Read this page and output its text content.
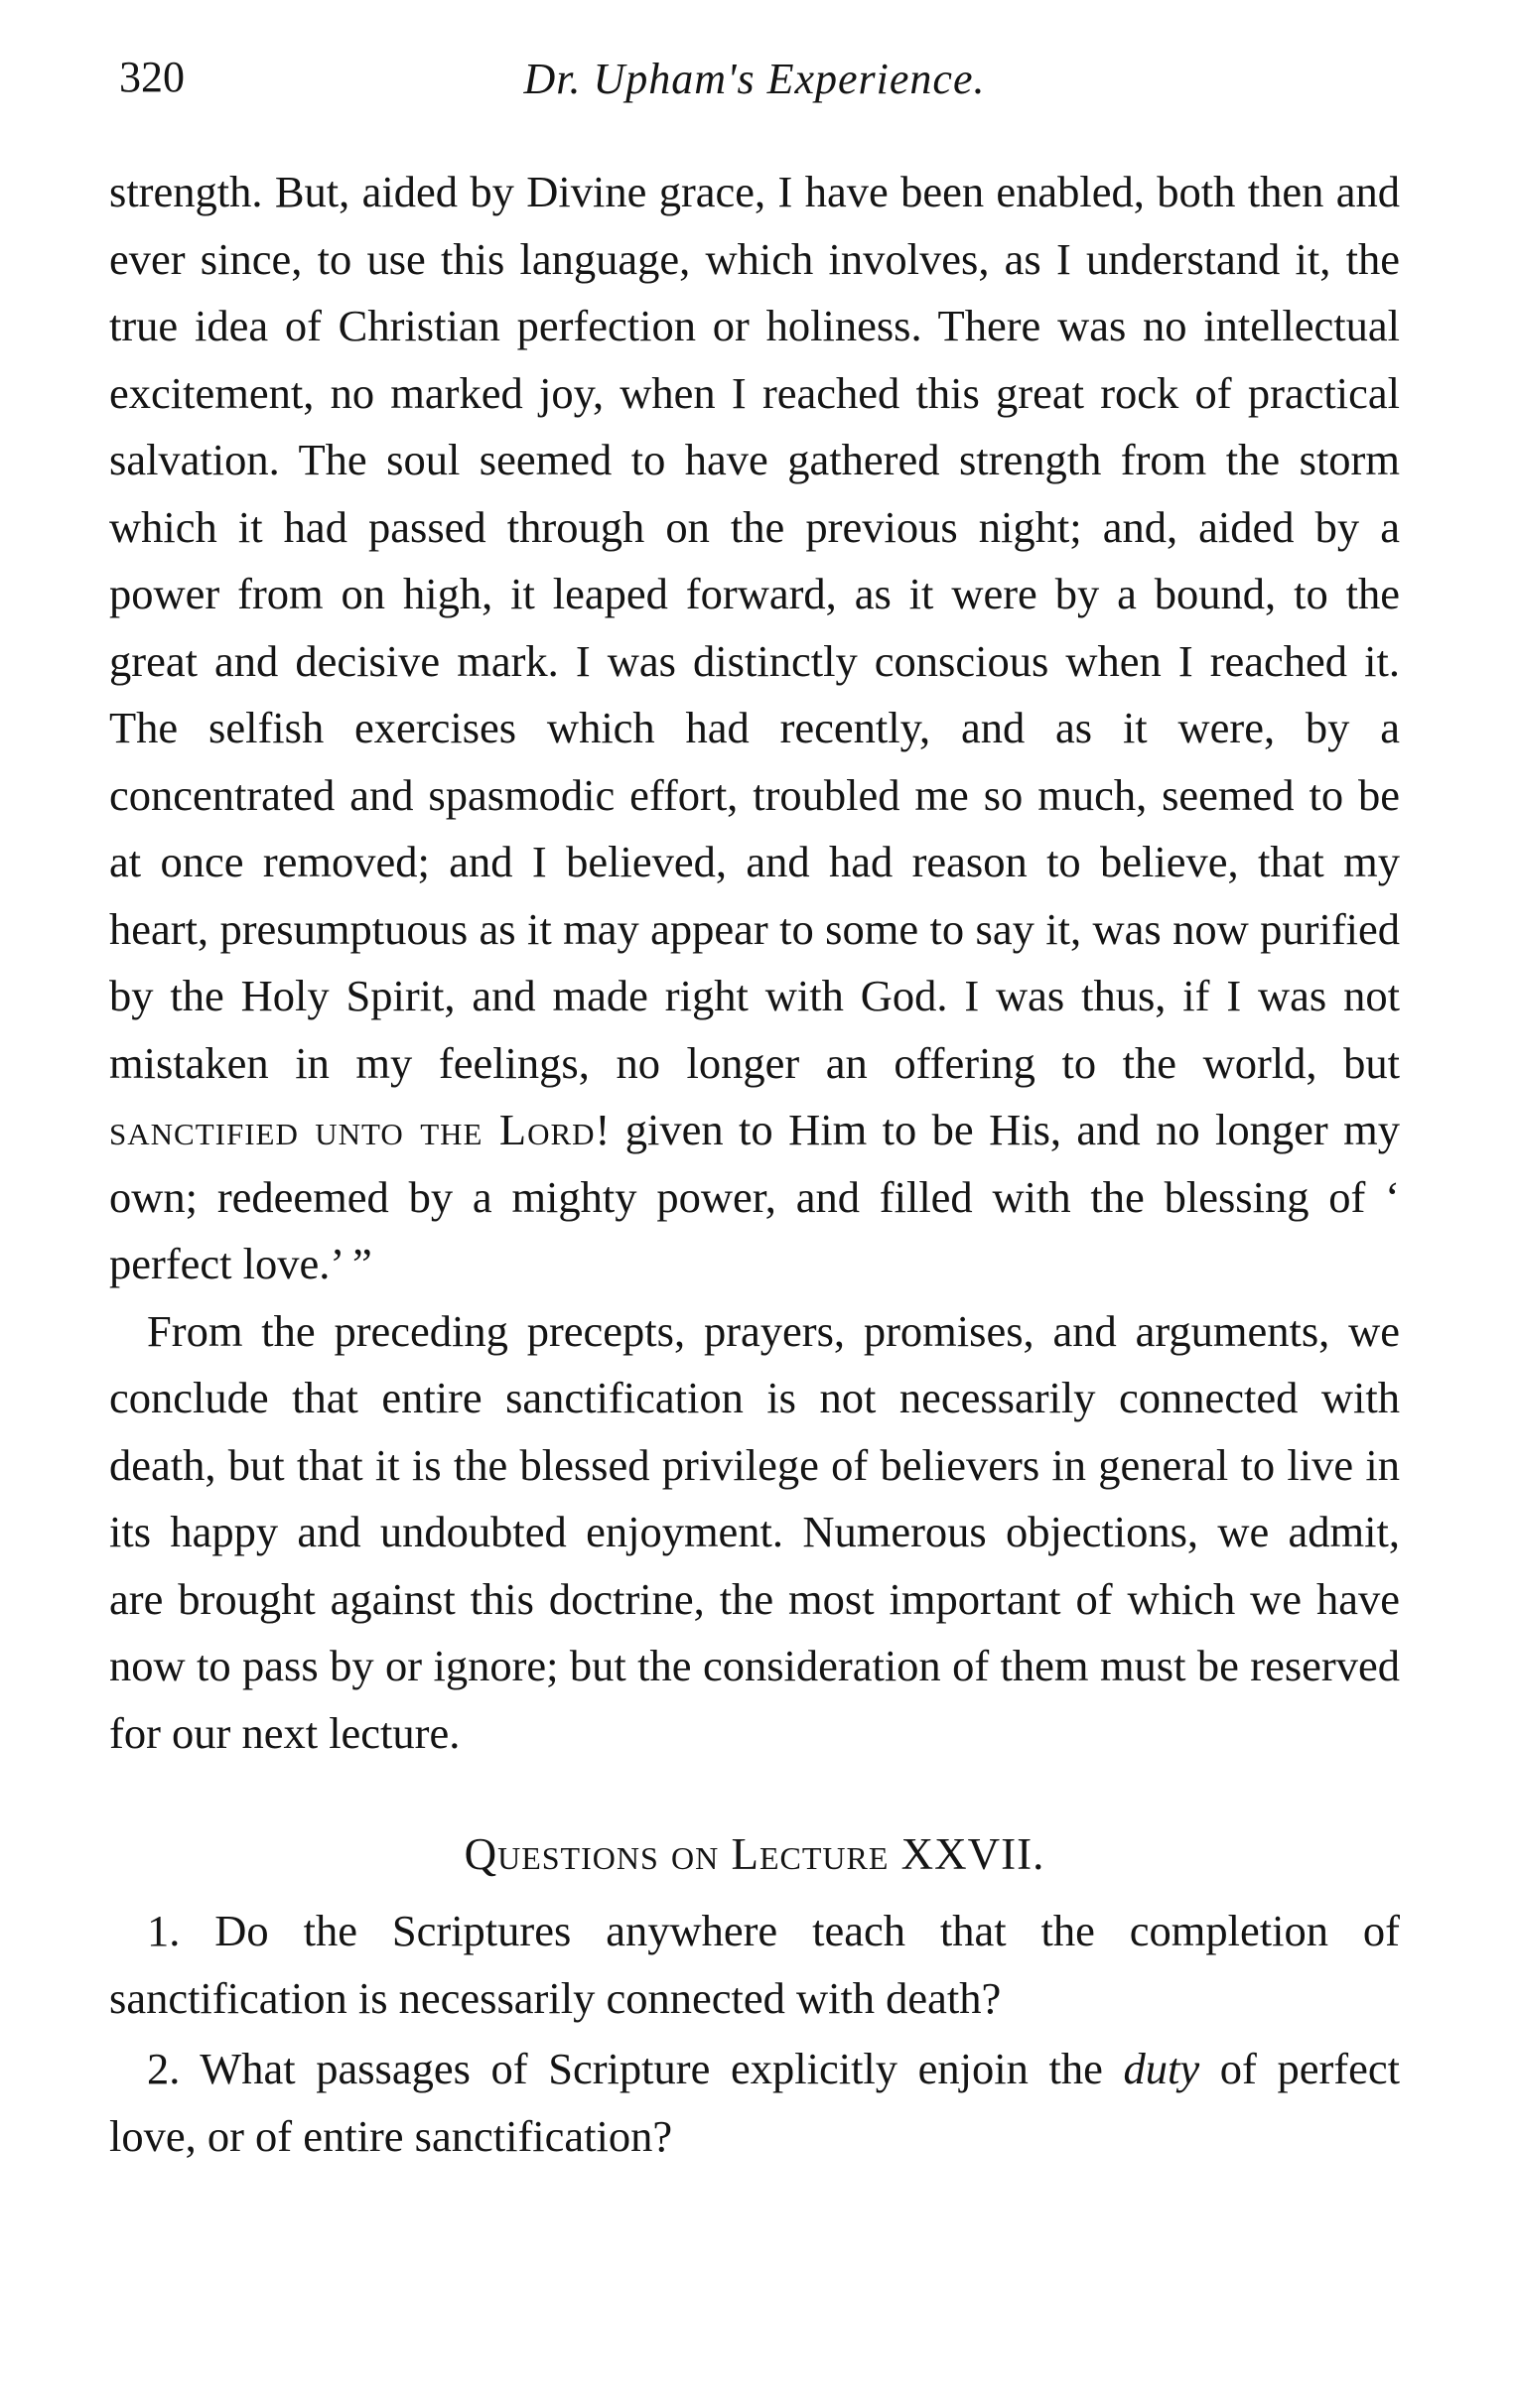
320	Dr. Upham's Experience.

strength. But, aided by Divine grace, I have been enabled, both then and ever since, to use this language, which involves, as I understand it, the true idea of Christian perfection or holiness. There was no intellectual excitement, no marked joy, when I reached this great rock of practical salvation. The soul seemed to have gathered strength from the storm which it had passed through on the previous night; and, aided by a power from on high, it leaped forward, as it were by a bound, to the great and decisive mark. I was distinctly conscious when I reached it. The selfish exercises which had recently, and as it were, by a concentrated and spasmodic effort, troubled me so much, seemed to be at once removed; and I believed, and had reason to believe, that my heart, presumptuous as it may appear to some to say it, was now purified by the Holy Spirit, and made right with God. I was thus, if I was not mistaken in my feelings, no longer an offering to the world, but sanctified unto the Lord! given to Him to be His, and no longer my own; redeemed by a mighty power, and filled with the blessing of ‘ perfect love.’ ”

From the preceding precepts, prayers, promises, and arguments, we conclude that entire sanctification is not necessarily connected with death, but that it is the blessed privilege of believers in general to live in its happy and undoubted enjoyment. Numerous objections, we admit, are brought against this doctrine, the most important of which we have now to pass by or ignore; but the consideration of them must be reserved for our next lecture.

Questions on Lecture XXVII.

1. Do the Scriptures anywhere teach that the completion of sanctification is necessarily connected with death?

2. What passages of Scripture explicitly enjoin the duty of perfect love, or of entire sanctification?
